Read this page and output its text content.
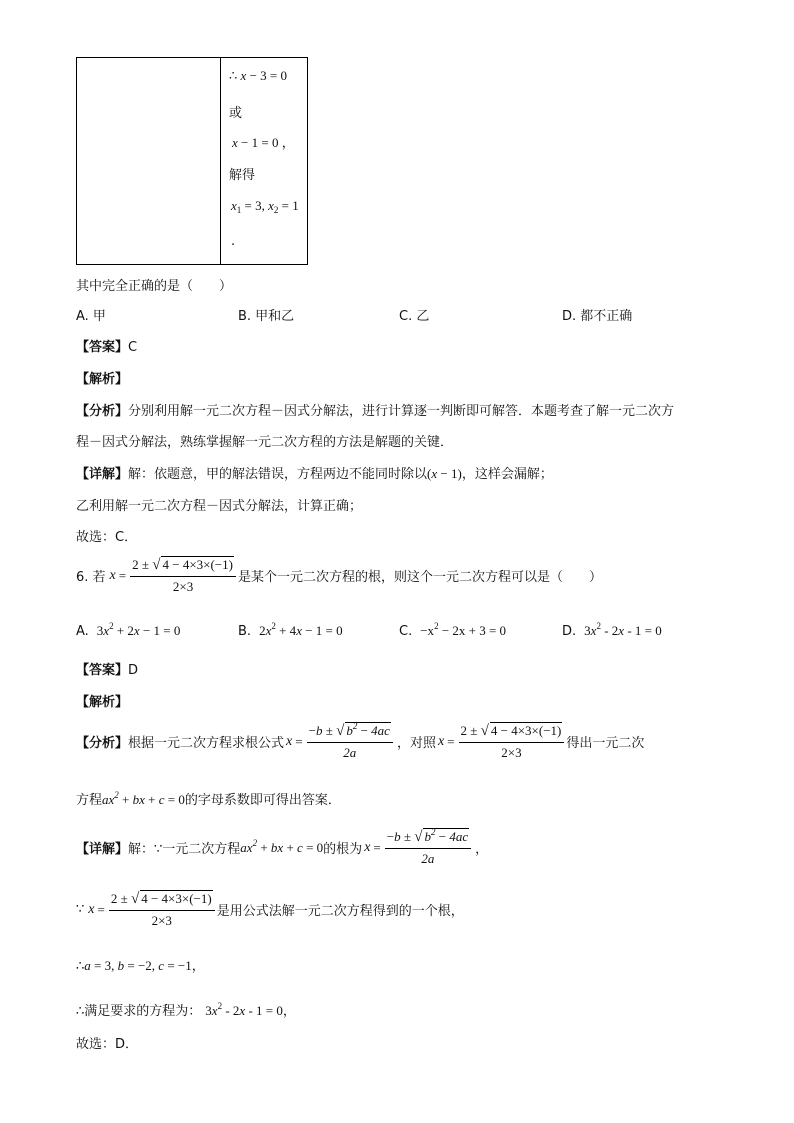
∴ x − 3 = 0
或
x − 1 = 0 ，
解得
$x_1 = 3$, $x_2 = 1$
.
其中完全正确的是（　　）
A. 甲	B. 甲和乙	C. 乙	D. 都不正确
【答案】C
【解析】
【分析】分别利用解一元二次方程－因式分解法，进行计算逐一判断即可解答．本题考查了解一元二次方
程－因式分解法，熟练掌握解一元二次方程的方法是解题的关键．
【详解】解：依题意，甲的解法错误，方程两边不能同时除以(x − 1)，这样会漏解；
乙利用解一元二次方程－因式分解法，计算正确；
故选：C．
6. 若 $x = \frac{2 \pm √ 4 - 4\times 3\times(-1)}{2\times 3}$ 是某个一元二次方程的根，则这个一元二次方程可以是（　　）
A. $3x^2 + 2x - 1 = 0$	B. $2x^2 + 4x - 1 = 0$	C. $-x^2 - 2x + 3 = 0$	D. $3x^2 - 2x - 1 = 0$
【答案】D
【解析】
【分析】 根据一元二次方程求根公式 $x = \frac{-b \pm √ b^2 - 4ac}{2a}$ ，对照 $x = \frac{2 \pm √ 4 - 4\times 3\times(-1)}{2\times 3}$ 得出一元二次
方程$ax^2$ + bx + c = 0的字母系数即可得出答案．
【详解】 解：∵一元二次方程 $ax^2$ + bx + c = 0 的根为 $x = \frac{-b \pm √ b^2 - 4ac}{2a}$ ，
∵ $x = \frac{2 \pm √ 4 - 4\times 3\times(-1)}{2\times 3}$ 是用公式法解一元二次方程得到的一个根，
∴a = 3, b = −2, c = −1，
∴满足要求的方程为： $3x^2 - 2x - 1 = 0$，
故选：D．
